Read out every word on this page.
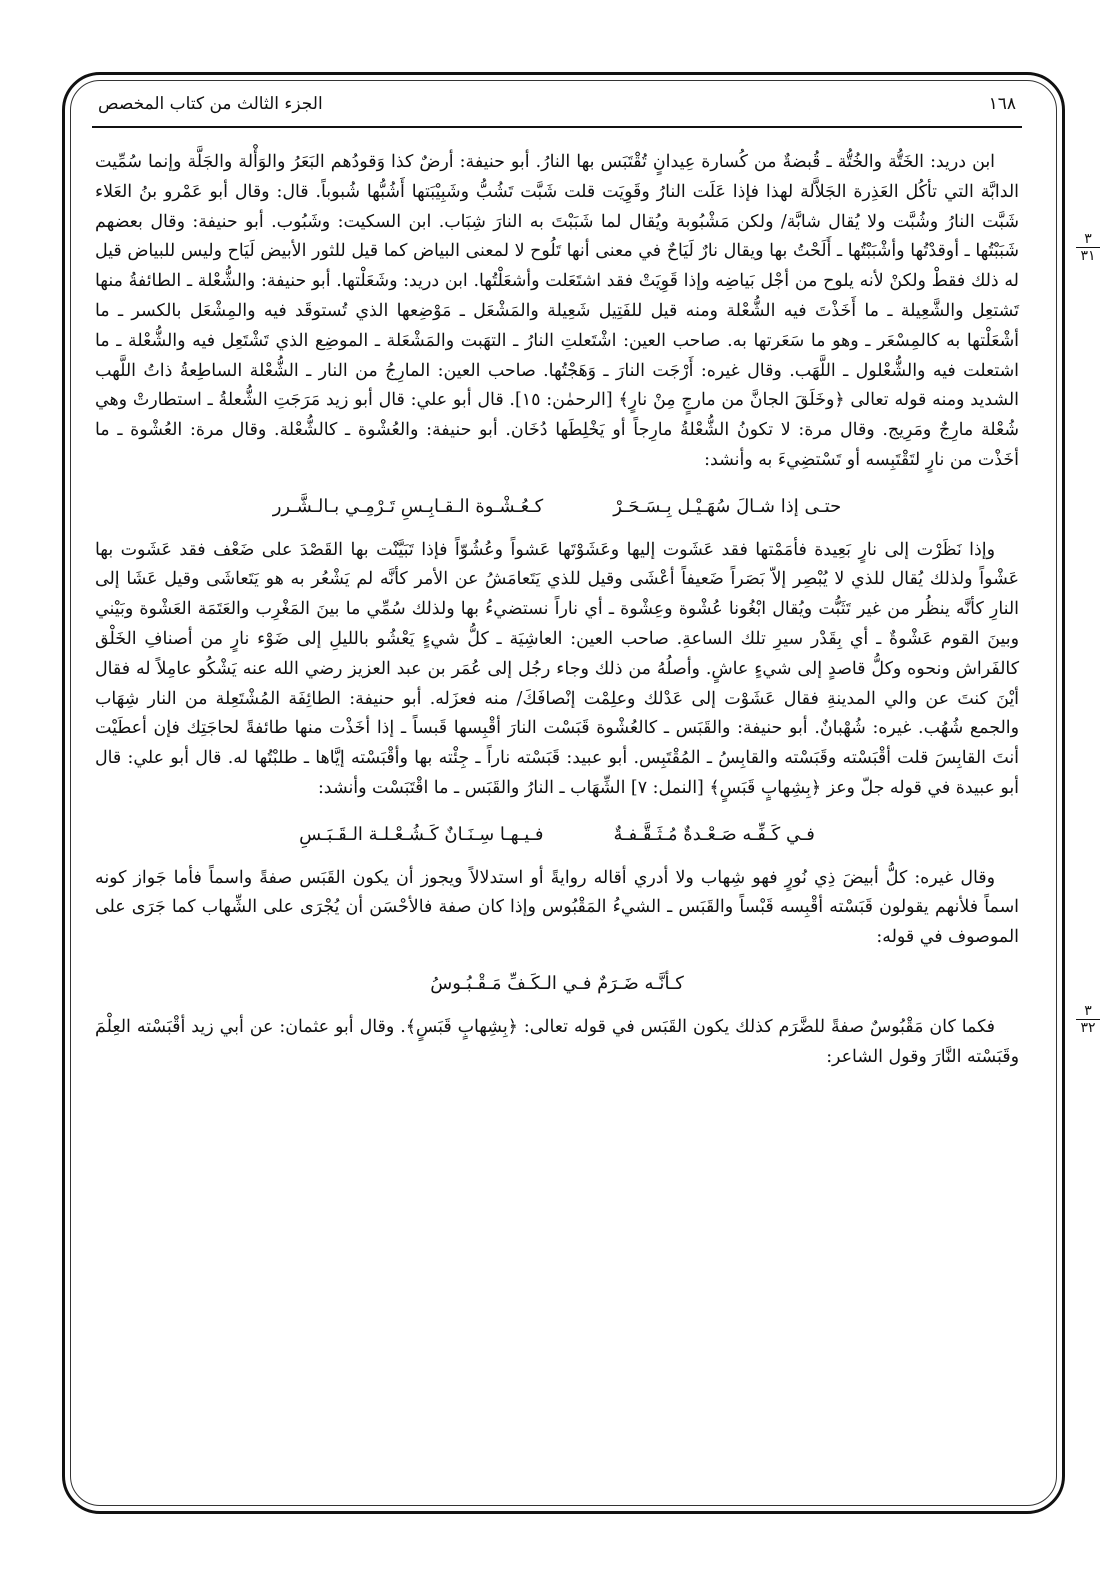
١٦٨
الجزء الثالث من كتاب المخصص
٣
٣١
٣
٣٢

ابن دريد: الخَتُّة والخُتُّة ـ قُبضةٌ من كُسارة عِيدانٍ تُقْتَبَس بها النارُ. أبو حنيفة: أرضٌ كذا وَقودُهم البَعَرُ والوَأْلة والجَلَّة وإنما سُمِّيت الدابَّة التي تأكُل العَذِرة الجَلاَّلة لهذا فإذا عَلَت النارُ وقَوِيَت قلت شَبَّت تَشُبُّ وشَبِيْبَتها أَشُبُّها شُبوباً. قال: وقال أبو عَمْرو بنُ العَلاء شَبَّت النارُ وشُبَّت ولا يُقال شابَّة/ ولكن مَشْبُوبة ويُقال لما شَبَبْتَ به النارَ شِبَاب. ابن السكيت: وشَبُوب. أبو حنيفة: وقال بعضهم شَبَبْتُها ـ أوقدْتُها وأشْبَبْتُها ـ أَلَحْتُ بها ويقال نارٌ لَيَاحٌ في معنى أنها تَلُوح لا لمعنى البياض كما قيل للثور الأبيض لَيَاح وليس للبياض قيل له ذلك فقطْ ولكنْ لأنه يلوح من أجْل بَياضِه وإذا قَوِيَتْ فقد اشتَعَلت وأشعَلْتُها. ابن دريد: وشَعَلْتها. أبو حنيفة: والشُّعْلة ـ الطائفةُ منها تَشتعِل والشَّعِيلة ـ ما أَخَذْتَ فيه الشُّعْلة ومنه قيل للفَتِيل شَعِيلة والمَشْعَل ـ مَوْضِعها الذي تُستوقَد فيه والمِشْعَل بالكسر ـ ما أشْعَلْتها به كالمِسْعَر ـ وهو ما سَعَرتها به. صاحب العين: اشْتَعلتِ النارُ ـ التهَبت والمَشْعَلة ـ الموضِع الذي تَشْتَعِل فيه والشُّعْلة ـ ما اشتعلت فيه والشُّعْلول ـ اللَّهَب. وقال غيره: أَرْجَت النارَ ـ وَهَجْتُها. صاحب العين: المارِجُ من النار ـ الشُّعْلة الساطِعةُ ذاتُ اللَّهب الشديد ومنه قوله تعالى ﴿وخَلَقَ الجانَّ من مارجٍ مِنْ نارٍ﴾ [الرحمٰن: ١٥]. قال أبو علي: قال أبو زيد مَرَجَتِ الشُّعلةُ ـ استطارتْ وهي شُعْلة مارِجٌ ومَرِيج. وقال مرة: لا تكونُ الشُّعْلةُ مارِجاً أو يَخْلِطَها دُخَان. أبو حنيفة: والعُشْوة ـ كالشُّعْلة. وقال مرة: العُشْوة ـ ما أخَذْت من نارٍ لتَقْتَبِسه أو تَسْتضِيءَ به وأنشد:

حتـى إذا شـالَ سُهَـيْـل بِـسَـحَـرْ
كـعُـشْـوة الـقـابِـسِ تَـرْمِـي بـالـشَّـرر

وإذا نَظَرْت إلى نارٍ بَعِيدة فأمَمْتها فقد عَشَوت إليها وعَشَوْتَها عَشواً وعُشُوّاً فإذا تَبَيَّنْت بها القَصْدَ على ضَعْف فقد عَشَوت بها عَشْواً ولذلك يُقال للذي لا يُبْصِر إلاّ بَصَراً ضَعيفاً أعْشَى وقيل للذي يَتَعامَشُ عن الأمر كأنَّه لم يَشْعُر به هو يَتَعاشَى وقيل عَشَا إلى النارِ كأنَّه ينظُر من غير تَثَبُّت ويُقال ابْغُونا عُشْوة وعِشْوة ـ أي ناراً نستضيءُ بها ولذلك سُمِّي ما بينَ المَغْرِب والعَتَمَة العَشْوة وبَيْني وبينَ القوم عَشْوةٌ ـ أي بِقَدْر سيرِ تلك الساعةِ. صاحب العين: العاشِيَة ـ كلُّ شيءٍ يَعْشُو بالليلِ إلى ضَوْء نارٍ من أصنافِ الخَلْق كالفَراش ونحوه وكلُّ قاصدٍ إلى شيءٍ عاشٍ. وأصلُهُ من ذلك وجاء رجُل إلى عُمَر بن عبد العزيز رضي الله عنه يَشْكُو عامِلاً له فقال أيْنَ كنتَ عن والي المدينةِ فقال عَشَوْت إلى عَدْلك وعلِمْت إنْصافَكَ/ منه فعزَله. أبو حنيفة: الطائِفَة المُشْتَعِلة من النار شِهَاب والجمع شُهُب. غيره: شُهْبانٌ. أبو حنيفة: والقَبَس ـ كالعُشْوة قَبَسْت النارَ أقْبِسها قَبساً ـ إذا أخَذْت منها طائفةً لحاجَتِك فإن أعطَيْت أنتَ القابِسَ قلت أقْبَسْته وقَبَسْته والقابِسُ ـ المُقْتَبِس. أبو عبيد: قَبَسْته ناراً ـ جِئْته بها وأقْبَسْته إيَّاها ـ طلبْتُها له. قال أبو علي: قال أبو عبيدة في قوله جلّ وعز ﴿بِشِهابٍ قَبَسٍ﴾ [النمل: ٧] الشِّهَاب ـ النارُ والقَبَس ـ ما اقْتَبَسْت وأنشد:

فـي كَـفِّـه صَـعْـدةٌ مُـثَـقَّـفـةٌ
فـيـهـا سِـنَـانٌ كَـشُـعْـلـة الـقَـبَـسِ

وقال غيره: كلُّ أبيضَ ذِي نُورٍ فهو شِهاب ولا أدري أقاله روايةً أو استدلالاً ويجوز أن يكون القَبَس صفةً واسماً فأما جَواز كونه اسماً فلأنهم يقولون قَبَسْته أقْبِسه قَبْساً والقَبَس ـ الشيءُ المَقْبُوس وإذا كان صفة فالأحْسَن أن يُجْرَى على الشِّهاب كما جَرَى على الموصوف في قوله:

كـأنَّـه ضَـرَمٌ فـي الـكَـفِّ مَـقْـبُـوسُ

فكما كان مَقْبُوسٌ صفةً للضَّرَم كذلك يكون القَبَس في قوله تعالى: ﴿بِشِهابٍ قَبَسٍ﴾. وقال أبو عثمان: عن أبي زيد أقْبَسْته العِلْمَ وقَبَسْته النَّارَ وقول الشاعر:
